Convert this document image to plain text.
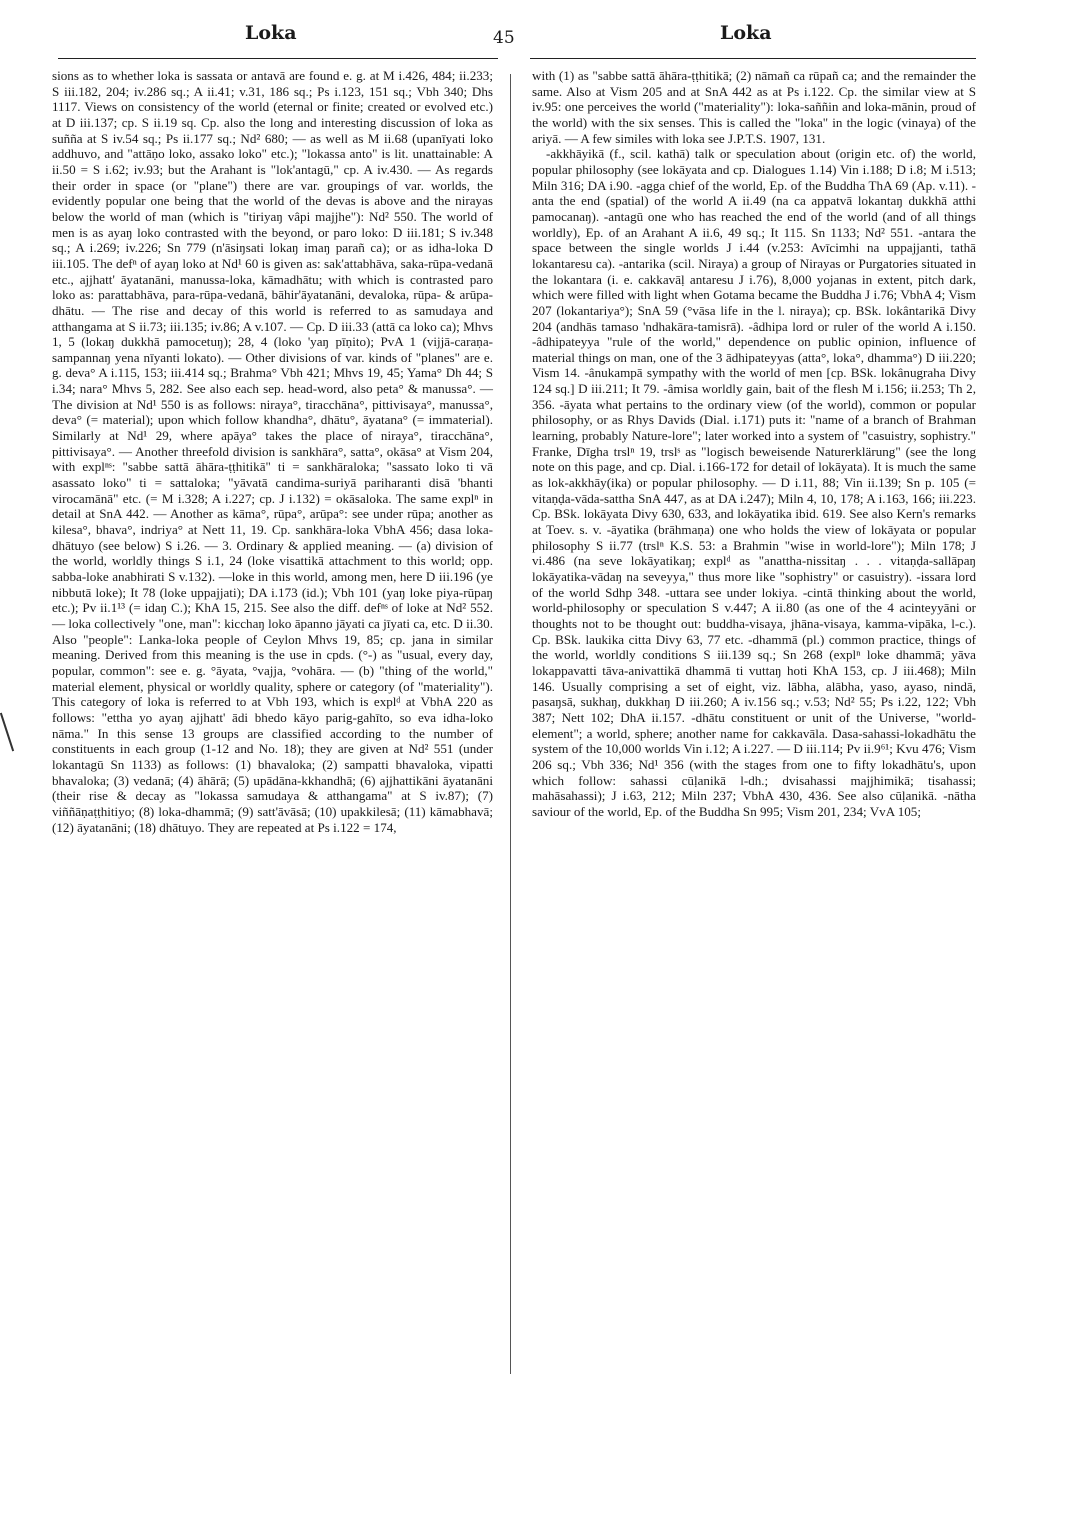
Loka	45	Loka

sions as to whether loka is sassata or antavā are found e. g. at M i.426, 484; ii.233; S iii.182, 204; iv.286 sq.; A ii.41; v.31, 186 sq.; Ps i.123, 151 sq.; Vbh 340; Dhs 1117. Views on consistency of the world (eternal or finite; created or evolved etc.) at D iii.137; cp. S ii.19 sq. Cp. also the long and interesting discussion of loka as suñña at S iv.54 sq.; Ps ii.177 sq.; Nd² 680; — as well as M ii.68 (upanīyati loko addhuvo, and "attāṇo loko, assako loko" etc.); "lokassa anto" is lit. unattainable: A ii.50 = S i.62; iv.93; but the Arahant is "lok'antagū," cp. A iv.430. — As regards their order in space (or "plane") there are var. groupings of var. worlds, the evidently popular one being that the world of the devas is above and the nirayas below the world of man (which is "tiriyaŋ vâpi majjhe"): Nd² 550. The world of men is as ayaŋ loko contrasted with the beyond, or paro loko: D iii.181; S iv.348 sq.; A i.269; iv.226; Sn 779 (n'āsiŋsati lokaŋ imaŋ parañ ca); or as idha-loka D iii.105. The defⁿ of ayaŋ loko at Nd¹ 60 is given as: sak'attabhāva, saka-rūpa-vedanā etc., ajjhatt' āyatanāni, manussa-loka, kāmadhātu; with which is contrasted paro loko as: parattabhāva, para-rūpa-vedanā, bāhir'āyatanāni, devaloka, rūpa- & arūpa-dhātu. — The rise and decay of this world is referred to as samudaya and atthangama at S ii.73; iii.135; iv.86; A v.107. — Cp. D iii.33 (attā ca loko ca); Mhvs 1, 5 (lokaŋ dukkhā pamocetuŋ); 28, 4 (loko 'yaŋ pīṇito); PvA 1 (vijjā-caraṇa-sampannaŋ yena nīyanti lokato). — Other divisions of var. kinds of "planes" are e. g. deva° A i.115, 153; iii.414 sq.; Brahma° Vbh 421; Mhvs 19, 45; Yama° Dh 44; S i.34; nara° Mhvs 5, 282. See also each sep. head-word, also peta° & manussa°. — The division at Nd¹ 550 is as follows: niraya°, tiracchāna°, pittivisaya°, manussa°, deva° (= material); upon which follow khandha°, dhātu°, āyatana° (= immaterial). Similarly at Nd¹ 29, where apāya° takes the place of niraya°, tiracchāna°, pittivisaya°. — Another threefold division is sankhāra°, satta°, okāsa° at Vism 204, with explⁿˢ: "sabbe sattā āhāra-ṭṭhitikā" ti = sankhāraloka; "sassato loko ti vā asassato loko" ti = sattaloka; "yāvatā candima-suriyā pariharanti disā 'bhanti virocamānā" etc. (= M i.328; A i.227; cp. J i.132) = okāsaloka. The same explⁿ in detail at SnA 442. — Another as kāma°, rūpa°, arūpa°: see under rūpa; another as kilesa°, bhava°, indriya° at Nett 11, 19. Cp. sankhāra-loka VbhA 456; dasa loka-dhātuyo (see below) S i.26. — 3. Ordinary & applied meaning. — (a) division of the world, worldly things S i.1, 24 (loke visattikā attachment to this world; opp. sabba-loke anabhirati S v.132). —loke in this world, among men, here D iii.196 (ye nibbutā loke); It 78 (loke uppajjati); DA i.173 (id.); Vbh 101 (yaŋ loke piya-rūpaŋ etc.); Pv ii.1¹³ (= idaŋ C.); KhA 15, 215. See also the diff. defⁿˢ of loke at Nd² 552. — loka collectively "one, man": kicchaŋ loko āpanno jāyati ca jīyati ca, etc. D ii.30. Also "people": Lanka-loka people of Ceylon Mhvs 19, 85; cp. jana in similar meaning. Derived from this meaning is the use in cpds. (°-) as "usual, every day, popular, common": see e. g. °āyata, °vajja, °vohāra. — (b) "thing of the world," material element, physical or worldly quality, sphere or category (of "materiality"). This category of loka is referred to at Vbh 193, which is explᵈ at VbhA 220 as follows: "ettha yo ayaŋ ajjhatt' ādi bhedo kāyo parig-gahīto, so eva idha-loko nāma." In this sense 13 groups are classified according to the number of constituents in each group (1-12 and No. 18); they are given at Nd² 551 (under lokantagū Sn 1133) as follows: (1) bhavaloka; (2) sampatti bhavaloka, vipatti bhavaloka; (3) vedanā; (4) āhārā; (5) upādāna-kkhandhā; (6) ajjhattikāni āyatanāni (their rise & decay as "lokassa samudaya & atthangama" at S iv.87); (7) viññāṇaṭṭhitiyo; (8) loka-dhammā; (9) satt'āvāsā; (10) upakkilesā; (11) kāmabhavā; (12) āyatanāni; (18) dhātuyo. They are repeated at Ps i.122 = 174,

with (1) as "sabbe sattā āhāra-ṭṭhitikā; (2) nāmañ ca rūpañ ca; and the remainder the same. Also at Vism 205 and at SnA 442 as at Ps i.122. Cp. the similar view at S iv.95: one perceives the world ("materiality"): loka-saññin and loka-mānin, proud of the world) with the six senses. This is called the "loka" in the logic (vinaya) of the ariyā. — A few similes with loka see J.P.T.S. 1907, 131.

-akkhāyikā (f., scil. kathā) talk or speculation about (origin etc. of) the world, popular philosophy (see lokāyata and cp. Dialogues 1.14) Vin i.188; D i.8; M i.513; Miln 316; DA i.90. -agga chief of the world, Ep. of the Buddha ThA 69 (Ap. v.11). -anta the end (spatial) of the world A ii.49 (na ca appatvā lokantaŋ dukkhā atthi pamocanaŋ). -antagū one who has reached the end of the world (and of all things worldly), Ep. of an Arahant A ii.6, 49 sq.; It 115. Sn 1133; Nd² 551. -antara the space between the single worlds J i.44 (v.253: Avīcimhi na uppajjanti, tathā lokantaresu ca). -antarika (scil. Niraya) a group of Nirayas or Purgatories situated in the lokantara (i. e. cakkavāḷ antaresu J i.76), 8,000 yojanas in extent, pitch dark, which were filled with light when Gotama became the Buddha J i.76; VbhA 4; Vism 207 (lokantariya°); SnA 59 (°vāsa life in the l. niraya); cp. BSk. lokântarikā Divy 204 (andhās tamaso 'ndhakāra-tamisrā). -âdhipa lord or ruler of the world A i.150. -âdhipateyya "rule of the world," dependence on public opinion, influence of material things on man, one of the 3 ādhipateyyas (atta°, loka°, dhamma°) D iii.220; Vism 14. -ânukampā sympathy with the world of men [cp. BSk. lokânugraha Divy 124 sq.] D iii.211; It 79. -âmisa worldly gain, bait of the flesh M i.156; ii.253; Th 2, 356. -āyata what pertains to the ordinary view (of the world), common or popular philosophy, or as Rhys Davids (Dial. i.171) puts it: "name of a branch of Brahman learning, probably Nature-lore"; later worked into a system of "casuistry, sophistry." Franke, Dīgha trslⁿ 19, trslˢ as "logisch beweisende Naturerklärung" (see the long note on this page, and cp. Dial. i.166-172 for detail of lokāyata). It is much the same as lok-akkhāy(ika) or popular philosophy. — D i.11, 88; Vin ii.139; Sn p. 105 (= vitaṇḍa-vāda-sattha SnA 447, as at DA i.247); Miln 4, 10, 178; A i.163, 166; iii.223. Cp. BSk. lokāyata Divy 630, 633, and lokāyatika ibid. 619. See also Kern's remarks at Toev. s. v. -āyatika (brāhmaṇa) one who holds the view of lokāyata or popular philosophy S ii.77 (trslⁿ K.S. 53: a Brahmin "wise in world-lore"); Miln 178; J vi.486 (na seve lokāyatikaŋ; explᵈ as "anattha-nissitaŋ . . . vitaṇḍa-sallāpaŋ lokāyatika-vādaŋ na seveyya," thus more like "sophistry" or casuistry). -issara lord of the world Sdhp 348. -uttara see under lokiya. -cintā thinking about the world, world-philosophy or speculation S v.447; A ii.80 (as one of the 4 acinteyyāni or thoughts not to be thought out: buddha-visaya, jhāna-visaya, kamma-vipāka, l-c.). Cp. BSk. laukika citta Divy 63, 77 etc. -dhammā (pl.) common practice, things of the world, worldly conditions S iii.139 sq.; Sn 268 (explⁿ loke dhammā; yāva lokappavatti tāva-anivattikā dhammā ti vuttaŋ hoti KhA 153, cp. J iii.468); Miln 146. Usually comprising a set of eight, viz. lābha, alābha, yaso, ayaso, nindā, pasaŋsā, sukhaŋ, dukkhaŋ D iii.260; A iv.156 sq.; v.53; Nd² 55; Ps i.22, 122; Vbh 387; Nett 102; DhA ii.157. -dhātu constituent or unit of the Universe, "world-element"; a world, sphere; another name for cakkavāla. Dasa-sahassi-lokadhātu the system of the 10,000 worlds Vin i.12; A i.227. — D iii.114; Pv ii.9⁶¹; Kvu 476; Vism 206 sq.; Vbh 336; Nd¹ 356 (with the stages from one to fifty lokadhātu's, upon which follow: sahassi cūḷanikā l-dh.; dvisahassi majjhimikā; tisahassi; mahāsahassi); J i.63, 212; Miln 237; VbhA 430, 436. See also cūḷanikā. -nātha saviour of the world, Ep. of the Buddha Sn 995; Vism 201, 234; VvA 105;
